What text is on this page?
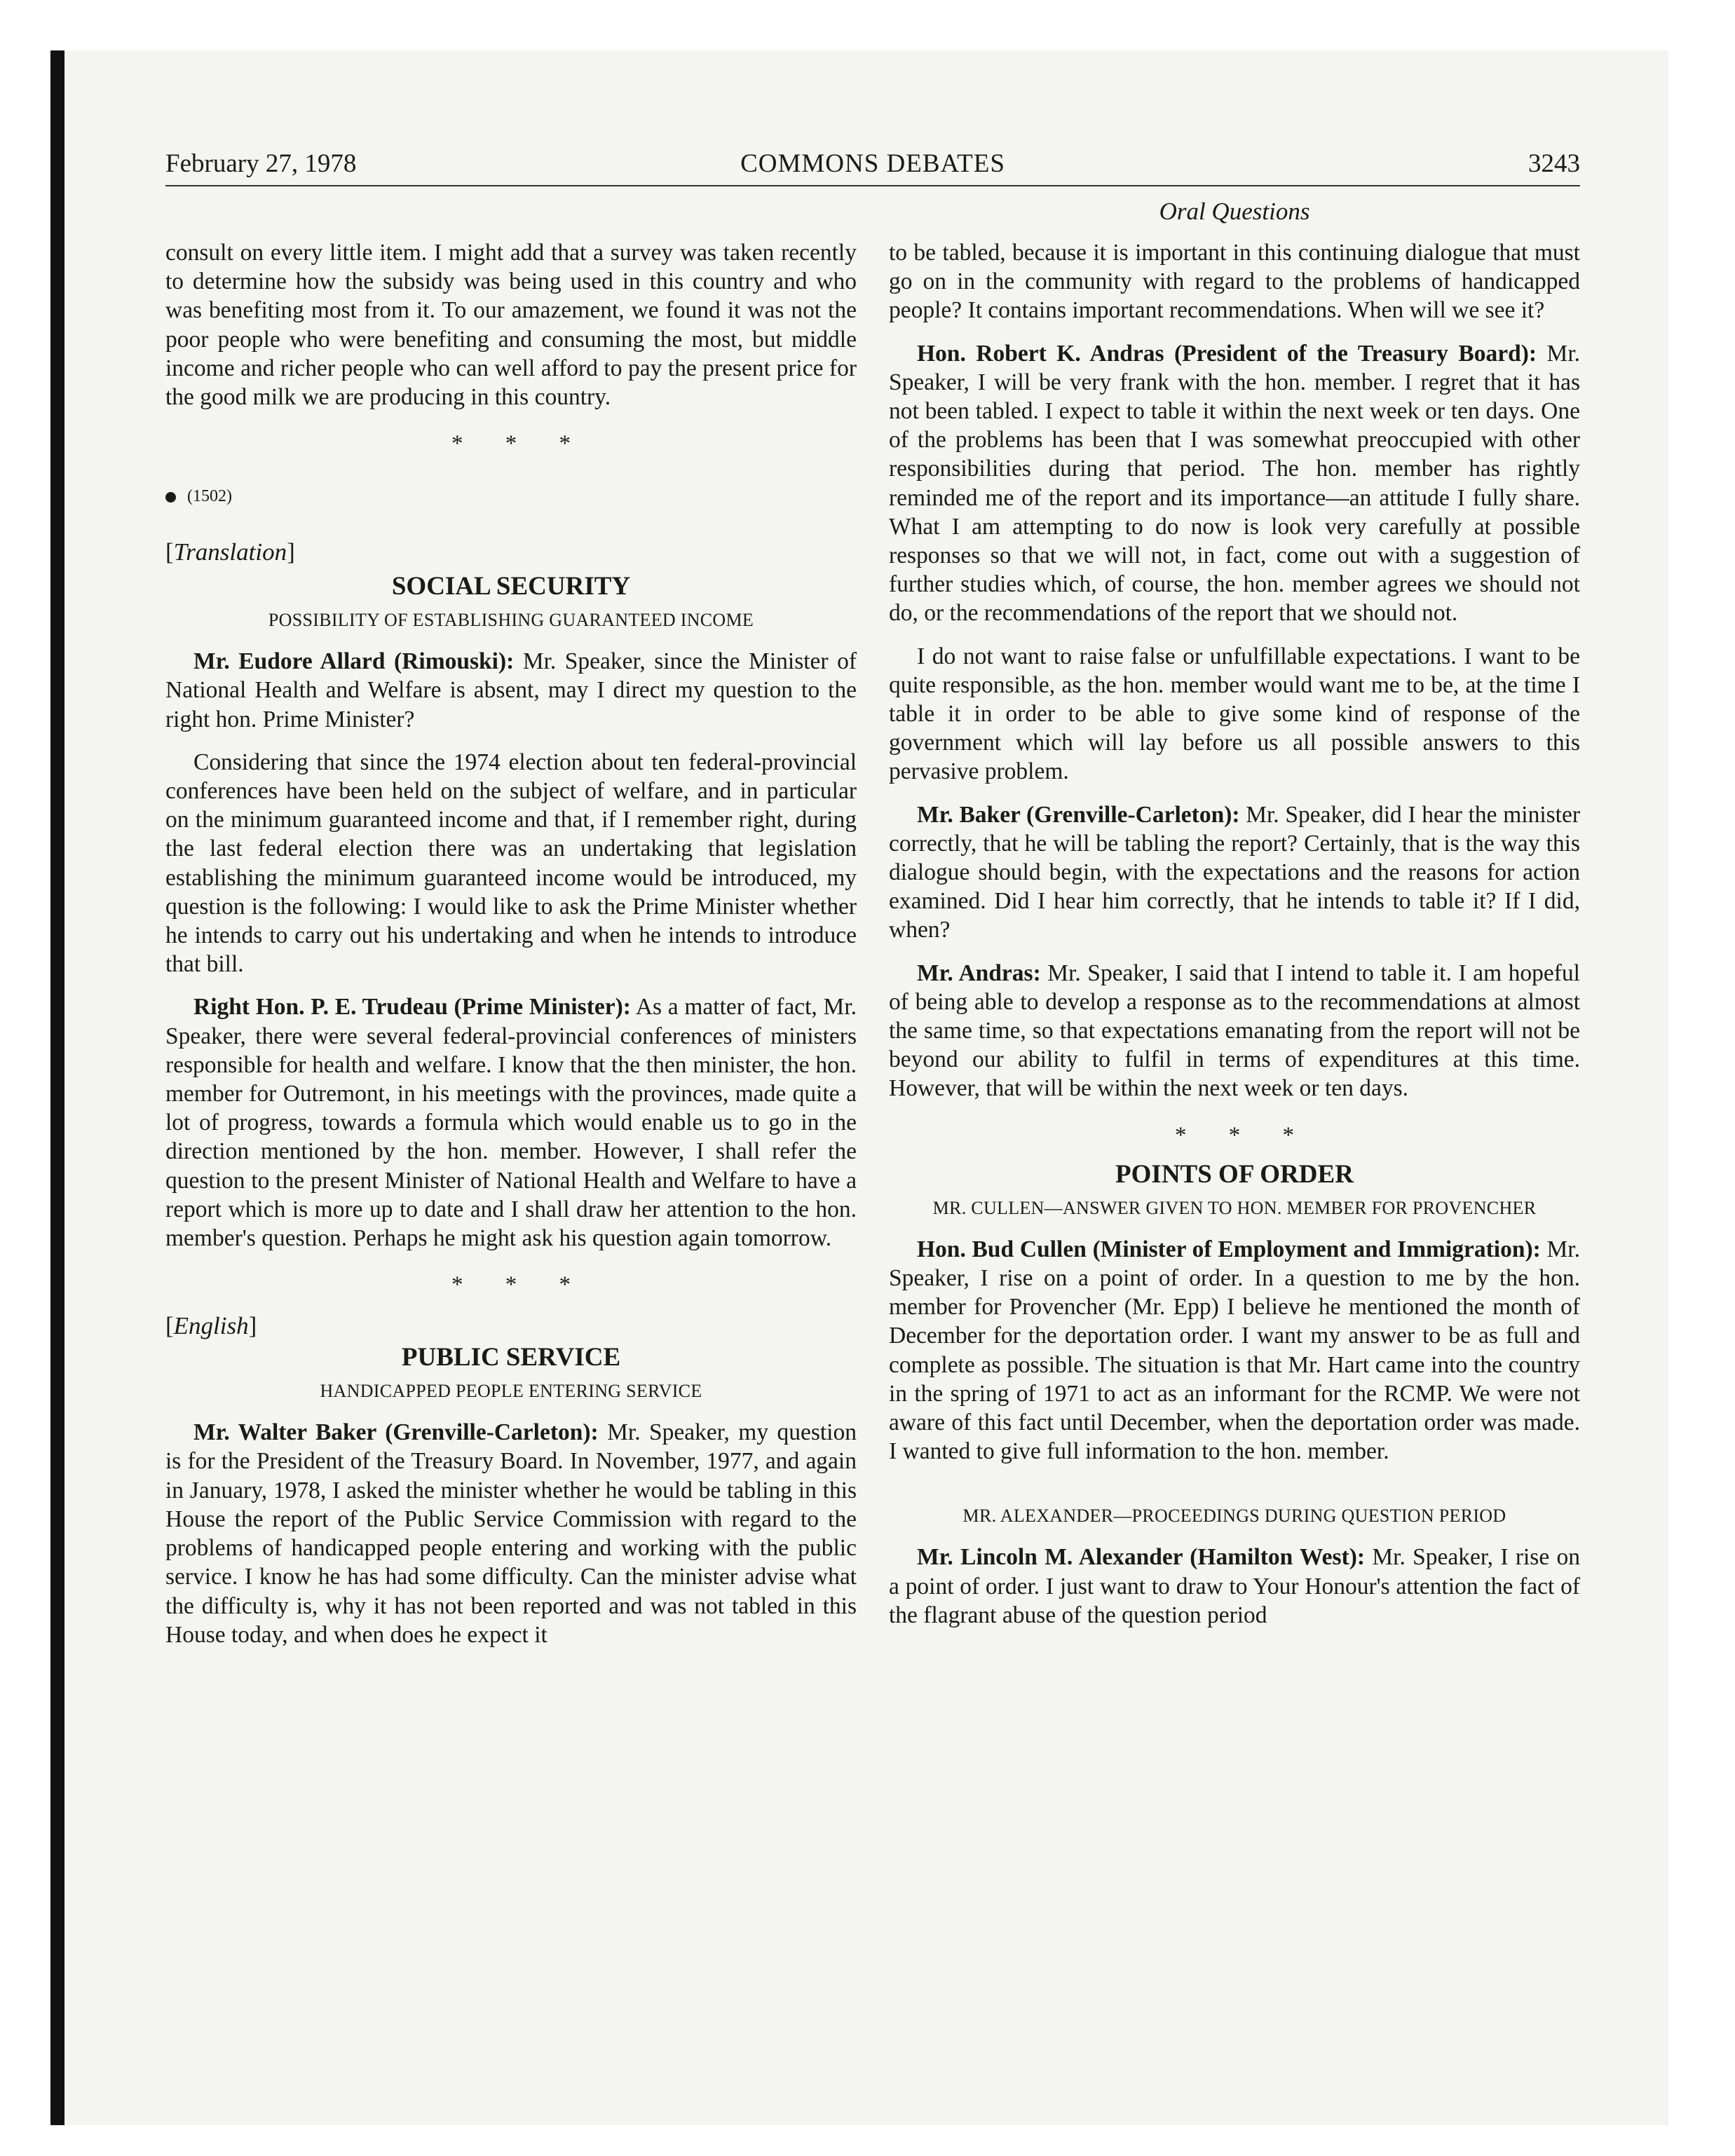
COMMONS DEBATES
February 27, 1978	3243
Oral Questions

consult on every little item. I might add that a survey was taken recently to determine how the subsidy was being used in this country and who was benefiting most from it. To our amazement, we found it was not the poor people who were benefiting and consuming the most, but middle income and richer people who can well afford to pay the present price for the good milk we are producing in this country.

* * *
(1502)
[Translation]
SOCIAL SECURITY
POSSIBILITY OF ESTABLISHING GUARANTEED INCOME

Mr. Eudore Allard (Rimouski): Mr. Speaker, since the Minister of National Health and Welfare is absent, may I direct my question to the right hon. Prime Minister?

Considering that since the 1974 election about ten federal-provincial conferences have been held on the subject of welfare, and in particular on the minimum guaranteed income and that, if I remember right, during the last federal election there was an undertaking that legislation establishing the minimum guaranteed income would be introduced, my question is the following: I would like to ask the Prime Minister whether he intends to carry out his undertaking and when he intends to introduce that bill.

Right Hon. P. E. Trudeau (Prime Minister): As a matter of fact, Mr. Speaker, there were several federal-provincial conferences of ministers responsible for health and welfare. I know that the then minister, the hon. member for Outremont, in his meetings with the provinces, made quite a lot of progress, towards a formula which would enable us to go in the direction mentioned by the hon. member. However, I shall refer the question to the present Minister of National Health and Welfare to have a report which is more up to date and I shall draw her attention to the hon. member's question. Perhaps he might ask his question again tomorrow.

* * *
[English]
PUBLIC SERVICE
HANDICAPPED PEOPLE ENTERING SERVICE

Mr. Walter Baker (Grenville-Carleton): Mr. Speaker, my question is for the President of the Treasury Board. In November, 1977, and again in January, 1978, I asked the minister whether he would be tabling in this House the report of the Public Service Commission with regard to the problems of handicapped people entering and working with the public service. I know he has had some difficulty. Can the minister advise what the difficulty is, why it has not been reported and was not tabled in this House today, and when does he expect it

to be tabled, because it is important in this continuing dialogue that must go on in the community with regard to the problems of handicapped people? It contains important recommendations. When will we see it?

Hon. Robert K. Andras (President of the Treasury Board): Mr. Speaker, I will be very frank with the hon. member. I regret that it has not been tabled. I expect to table it within the next week or ten days. One of the problems has been that I was somewhat preoccupied with other responsibilities during that period. The hon. member has rightly reminded me of the report and its importance—an attitude I fully share. What I am attempting to do now is look very carefully at possible responses so that we will not, in fact, come out with a suggestion of further studies which, of course, the hon. member agrees we should not do, or the recommendations of the report that we should not.

I do not want to raise false or unfulfillable expectations. I want to be quite responsible, as the hon. member would want me to be, at the time I table it in order to be able to give some kind of response of the government which will lay before us all possible answers to this pervasive problem.

Mr. Baker (Grenville-Carleton): Mr. Speaker, did I hear the minister correctly, that he will be tabling the report? Certainly, that is the way this dialogue should begin, with the expectations and the reasons for action examined. Did I hear him correctly, that he intends to table it? If I did, when?

Mr. Andras: Mr. Speaker, I said that I intend to table it. I am hopeful of being able to develop a response as to the recommendations at almost the same time, so that expectations emanating from the report will not be beyond our ability to fulfil in terms of expenditures at this time. However, that will be within the next week or ten days.

* * *
POINTS OF ORDER
MR. CULLEN—ANSWER GIVEN TO HON. MEMBER FOR PROVENCHER

Hon. Bud Cullen (Minister of Employment and Immigration): Mr. Speaker, I rise on a point of order. In a question to me by the hon. member for Provencher (Mr. Epp) I believe he mentioned the month of December for the deportation order. I want my answer to be as full and complete as possible. The situation is that Mr. Hart came into the country in the spring of 1971 to act as an informant for the RCMP. We were not aware of this fact until December, when the deportation order was made. I wanted to give full information to the hon. member.

MR. ALEXANDER—PROCEEDINGS DURING QUESTION PERIOD

Mr. Lincoln M. Alexander (Hamilton West): Mr. Speaker, I rise on a point of order. I just want to draw to Your Honour's attention the fact of the flagrant abuse of the question period
